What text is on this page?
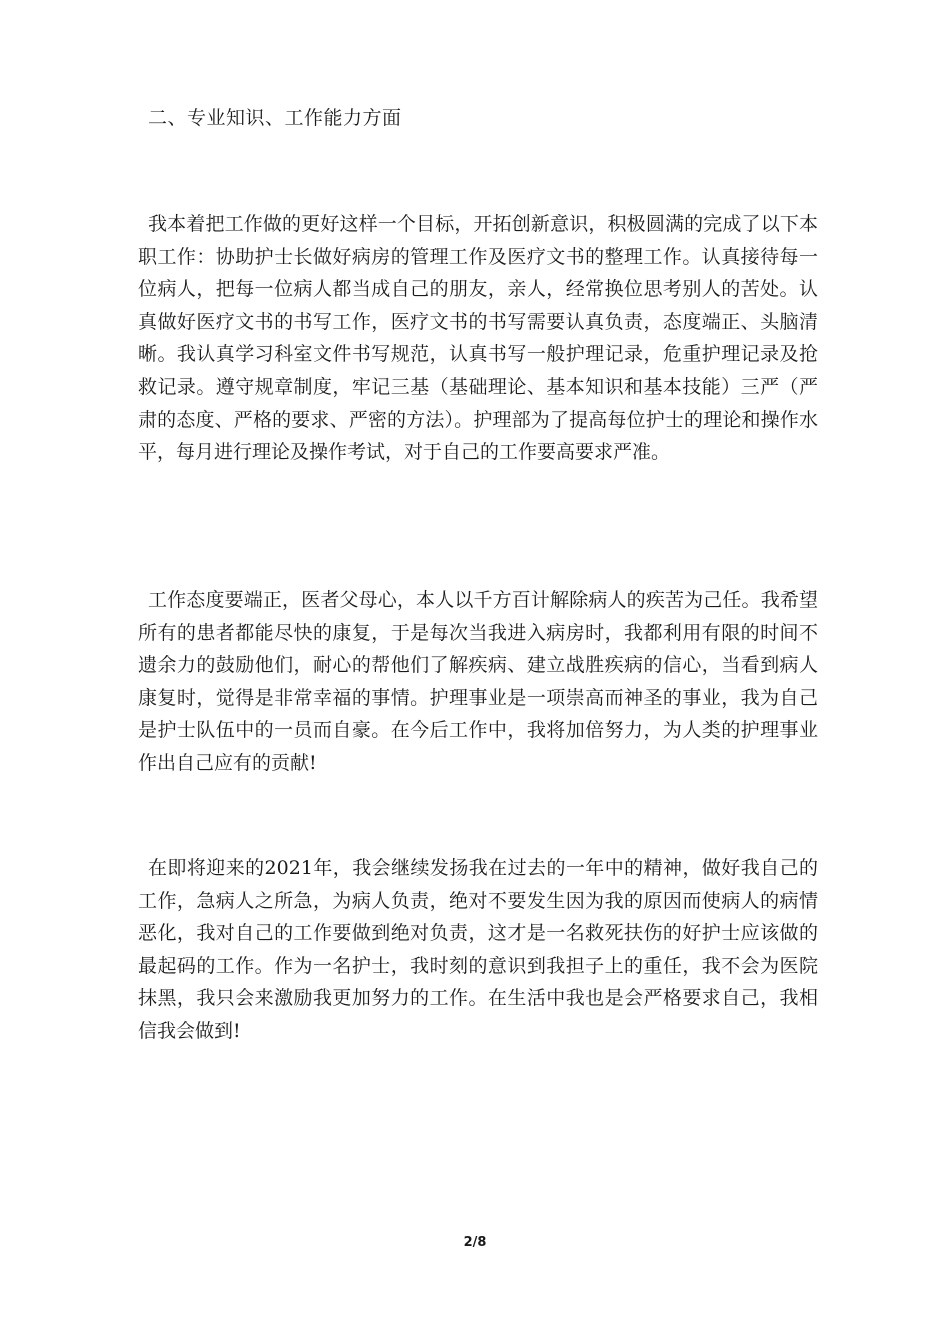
二、专业知识、工作能力方面

我本着把工作做的更好这样一个目标，开拓创新意识，积极圆满的完成了以下本职工作：协助护士长做好病房的管理工作及医疗文书的整理工作。认真接待每一位病人，把每一位病人都当成自己的朋友，亲人，经常换位思考别人的苦处。认真做好医疗文书的书写工作，医疗文书的书写需要认真负责，态度端正、头脑清晰。我认真学习科室文件书写规范，认真书写一般护理记录，危重护理记录及抢救记录。遵守规章制度，牢记三基（基础理论、基本知识和基本技能）三严（严肃的态度、严格的要求、严密的方法）。护理部为了提高每位护士的理论和操作水平，每月进行理论及操作考试，对于自己的工作要高要求严准。

工作态度要端正，医者父母心，本人以千方百计解除病人的疾苦为己任。我希望所有的患者都能尽快的康复，于是每次当我进入病房时，我都利用有限的时间不遗余力的鼓励他们，耐心的帮他们了解疾病、建立战胜疾病的信心，当看到病人康复时，觉得是非常幸福的事情。护理事业是一项崇高而神圣的事业，我为自己是护士队伍中的一员而自豪。在今后工作中，我将加倍努力，为人类的护理事业作出自己应有的贡献!

在即将迎来的2021年，我会继续发扬我在过去的一年中的精神，做好我自己的工作，急病人之所急，为病人负责，绝对不要发生因为我的原因而使病人的病情恶化，我对自己的工作要做到绝对负责，这才是一名救死扶伤的好护士应该做的最起码的工作。作为一名护士，我时刻的意识到我担子上的重任，我不会为医院抹黑，我只会来激励我更加努力的工作。在生活中我也是会严格要求自己，我相信我会做到!

2/8
